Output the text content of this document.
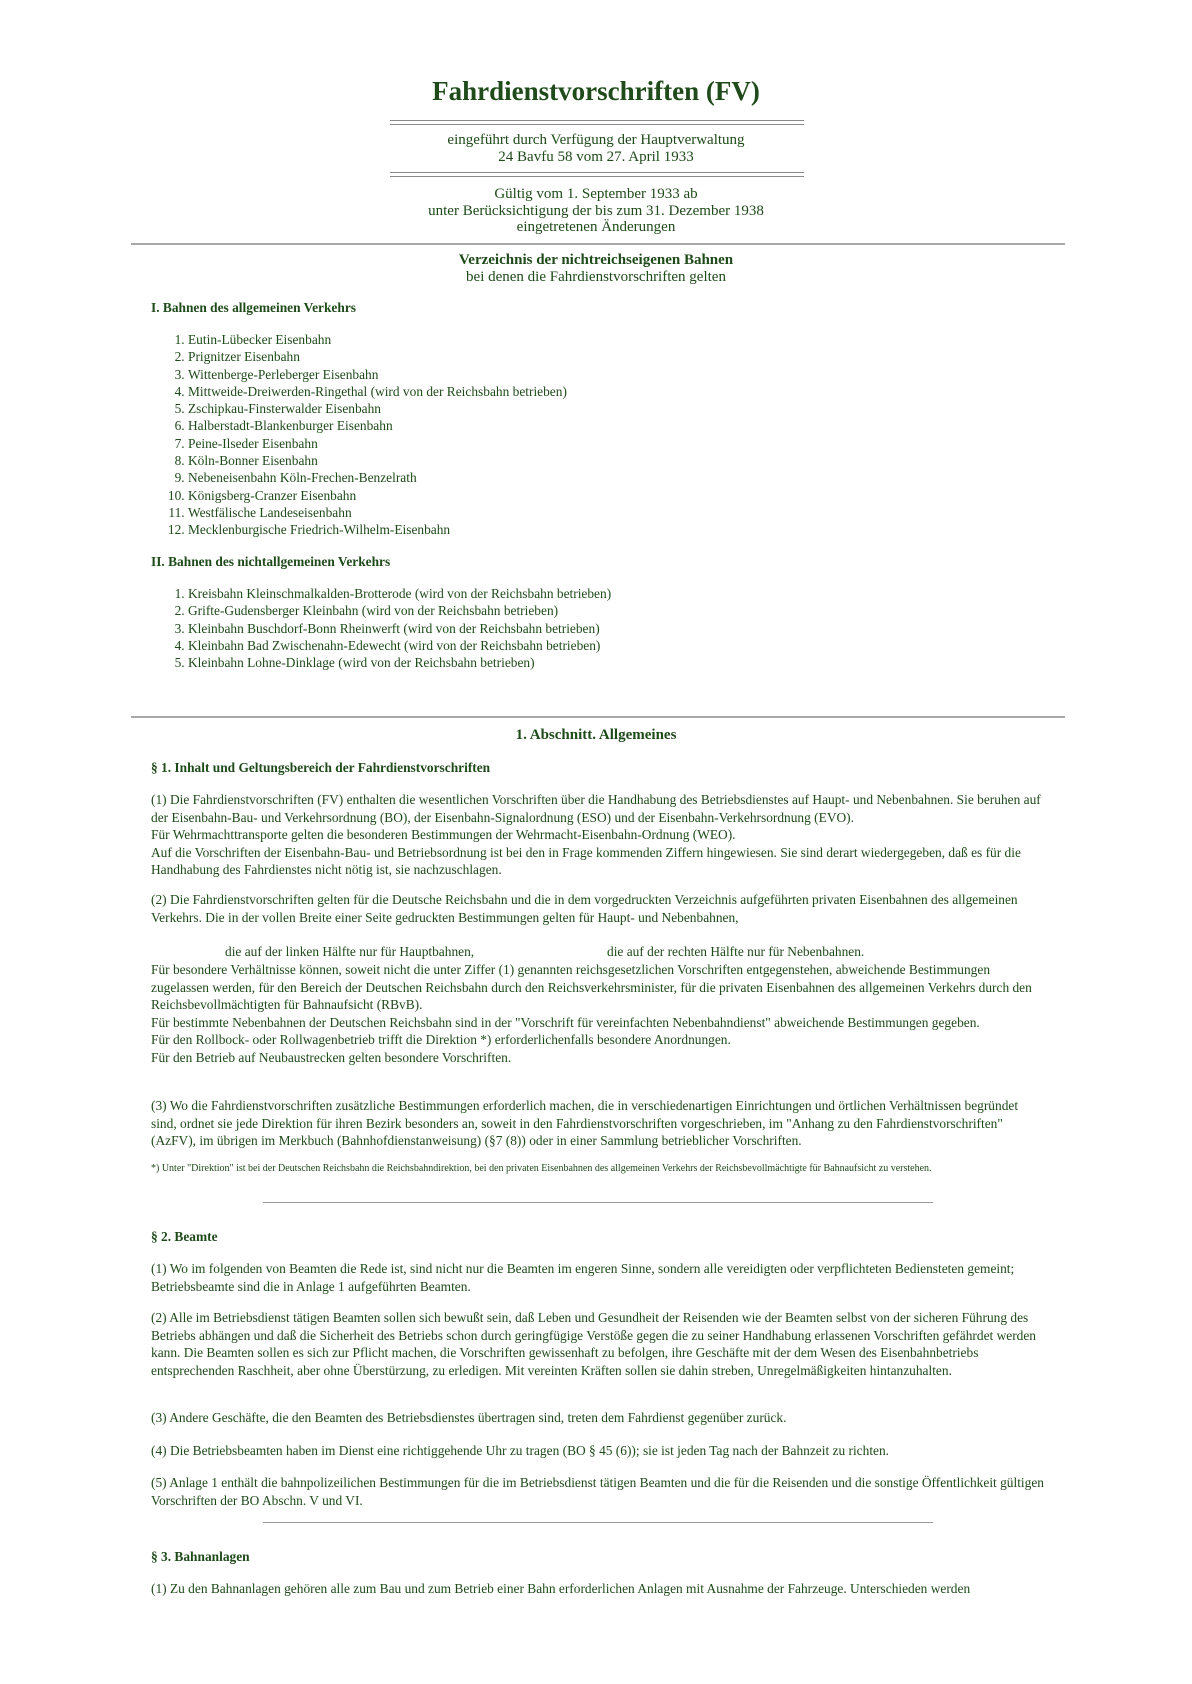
Fahrdienstvorschriften (FV)
eingeführt durch Verfügung der Hauptverwaltung
24 Bavfu 58 vom 27. April 1933
Gültig vom 1. September 1933 ab
unter Berücksichtigung der bis zum 31. Dezember 1938
eingetretenen Änderungen
Verzeichnis der nichtreichseigenen Bahnen
bei denen die Fahrdienstvorschriften gelten
I. Bahnen des allgemeinen Verkehrs
1. Eutin-Lübecker Eisenbahn
2. Prignitzer Eisenbahn
3. Wittenberge-Perleberger Eisenbahn
4. Mittweide-Dreiwerden-Ringethal (wird von der Reichsbahn betrieben)
5. Zschipkau-Finsterwalder Eisenbahn
6. Halberstadt-Blankenburger Eisenbahn
7. Peine-Ilseder Eisenbahn
8. Köln-Bonner Eisenbahn
9. Nebeneisenbahn Köln-Frechen-Benzelrath
10. Königsberg-Cranzer Eisenbahn
11. Westfälische Landeseisenbahn
12. Mecklenburgische Friedrich-Wilhelm-Eisenbahn
II. Bahnen des nichtallgemeinen Verkehrs
1. Kreisbahn Kleinschmalkalden-Brotterode (wird von der Reichsbahn betrieben)
2. Grifte-Gudensberger Kleinbahn (wird von der Reichsbahn betrieben)
3. Kleinbahn Buschdorf-Bonn Rheinwerft (wird von der Reichsbahn betrieben)
4. Kleinbahn Bad Zwischenahn-Edewecht (wird von der Reichsbahn betrieben)
5. Kleinbahn Lohne-Dinklage (wird von der Reichsbahn betrieben)
1. Abschnitt. Allgemeines
§ 1. Inhalt und Geltungsbereich der Fahrdienstvorschriften
(1) Die Fahrdienstvorschriften (FV) enthalten die wesentlichen Vorschriften über die Handhabung des Betriebsdienstes auf Haupt- und Nebenbahnen. Sie beruhen auf der Eisenbahn-Bau- und Verkehrsordnung (BO), der Eisenbahn-Signalordnung (ESO) und der Eisenbahn-Verkehrsordnung (EVO).
Für Wehrmachttransporte gelten die besonderen Bestimmungen der Wehrmacht-Eisenbahn-Ordnung (WEO).
Auf die Vorschriften der Eisenbahn-Bau- und Betriebsordnung ist bei den in Frage kommenden Ziffern hingewiesen. Sie sind derart wiedergegeben, daß es für die Handhabung des Fahrdienstes nicht nötig ist, sie nachzuschlagen.
(2) Die Fahrdienstvorschriften gelten für die Deutsche Reichsbahn und die in dem vorgedruckten Verzeichnis aufgeführten privaten Eisenbahnen des allgemeinen Verkehrs. Die in der vollen Breite einer Seite gedruckten Bestimmungen gelten für Haupt- und Nebenbahnen,
die auf der linken Hälfte nur für Hauptbahnen,	die auf der rechten Hälfte nur für Nebenbahnen.
Für besondere Verhältnisse können, soweit nicht die unter Ziffer (1) genannten reichsgesetzlichen Vorschriften entgegenstehen, abweichende Bestimmungen zugelassen werden, für den Bereich der Deutschen Reichsbahn durch den Reichsverkehrsminister, für die privaten Eisenbahnen des allgemeinen Verkehrs durch den Reichsbevollmächtigten für Bahnaufsicht (RBvB).
Für bestimmte Nebenbahnen der Deutschen Reichsbahn sind in der "Vorschrift für vereinfachten Nebenbahndienst" abweichende Bestimmungen gegeben.
Für den Rollbock- oder Rollwagenbetrieb trifft die Direktion *) erforderlichenfalls besondere Anordnungen.
Für den Betrieb auf Neubaustrecken gelten besondere Vorschriften.
(3) Wo die Fahrdienstvorschriften zusätzliche Bestimmungen erforderlich machen, die in verschiedenartigen Einrichtungen und örtlichen Verhältnissen begründet sind, ordnet sie jede Direktion für ihren Bezirk besonders an, soweit in den Fahrdienstvorschriften vorgeschrieben, im "Anhang zu den Fahrdienstvorschriften" (AzFV), im übrigen im Merkbuch (Bahnhofdienstanweisung) (§7 (8)) oder in einer Sammlung betrieblicher Vorschriften.
*) Unter "Direktion" ist bei der Deutschen Reichsbahn die Reichsbahndirektion, bei den privaten Eisenbahnen des allgemeinen Verkehrs der Reichsbevollmächtigte für Bahnaufsicht zu verstehen.
§ 2. Beamte
(1) Wo im folgenden von Beamten die Rede ist, sind nicht nur die Beamten im engeren Sinne, sondern alle vereidigten oder verpflichteten Bediensteten gemeint; Betriebsbeamte sind die in Anlage 1 aufgeführten Beamten.
(2) Alle im Betriebsdienst tätigen Beamten sollen sich bewußt sein, daß Leben und Gesundheit der Reisenden wie der Beamten selbst von der sicheren Führung des Betriebs abhängen und daß die Sicherheit des Betriebs schon durch geringfügige Verstöße gegen die zu seiner Handhabung erlassenen Vorschriften gefährdet werden kann. Die Beamten sollen es sich zur Pflicht machen, die Vorschriften gewissenhaft zu befolgen, ihre Geschäfte mit der dem Wesen des Eisenbahnbetriebs entsprechenden Raschheit, aber ohne Überstürzung, zu erledigen. Mit vereinten Kräften sollen sie dahin streben, Unregelmäßigkeiten hintanzuhalten.
(3) Andere Geschäfte, die den Beamten des Betriebsdienstes übertragen sind, treten dem Fahrdienst gegenüber zurück.
(4) Die Betriebsbeamten haben im Dienst eine richtiggehende Uhr zu tragen (BO § 45 (6)); sie ist jeden Tag nach der Bahnzeit zu richten.
(5) Anlage 1 enthält die bahnpolizeilichen Bestimmungen für die im Betriebsdienst tätigen Beamten und die für die Reisenden und die sonstige Öffentlichkeit gültigen Vorschriften der BO Abschn. V und VI.
§ 3. Bahnanlagen
(1) Zu den Bahnanlagen gehören alle zum Bau und zum Betrieb einer Bahn erforderlichen Anlagen mit Ausnahme der Fahrzeuge. Unterschieden werden
